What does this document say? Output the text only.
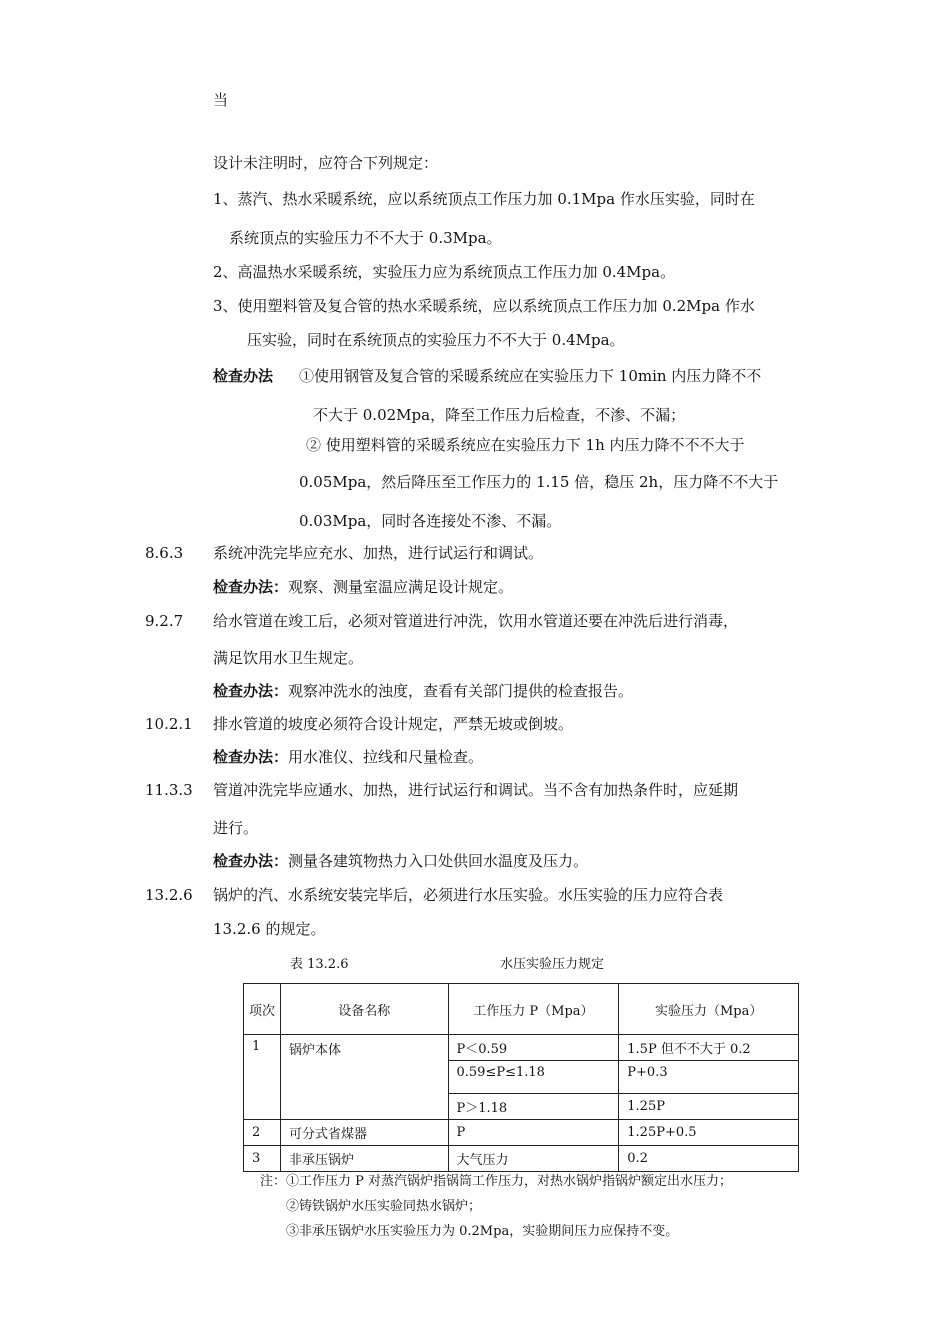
当
设计未注明时，应符合下列规定：
1、蒸汽、热水采暖系统，应以系统顶点工作压力加 0.1Mpa 作水压实验，同时在
系统顶点的实验压力不不大于 0.3Mpa。
2、高温热水采暖系统，实验压力应为系统顶点工作压力加 0.4Mpa。
3、使用塑料管及复合管的热水采暖系统，应以系统顶点工作压力加 0.2Mpa 作水
压实验，同时在系统顶点的实验压力不不大于 0.4Mpa。
检查办法 ①使用钢管及复合管的采暖系统应在实验压力下 10min 内压力降不不
不大于 0.02Mpa，降至工作压力后检查，不渗、不漏；
② 使用塑料管的采暖系统应在实验压力下 1h 内压力降不不不大于
0.05Mpa，然后降压至工作压力的 1.15 倍，稳压 2h，压力降不不大于
0.03Mpa，同时各连接处不渗、不漏。
8.6.3 系统冲洗完毕应充水、加热，进行试运行和调试。
检查办法：观察、测量室温应满足设计规定。
9.2.7 给水管道在竣工后，必须对管道进行冲洗，饮用水管道还要在冲洗后进行消毒，
满足饮用水卫生规定。
检查办法：观察冲洗水的浊度，查看有关部门提供的检查报告。
10.2.1 排水管道的坡度必须符合设计规定，严禁无坡或倒坡。
检查办法：用水准仪、拉线和尺量检查。
11.3.3 管道冲洗完毕应通水、加热，进行试运行和调试。当不含有加热条件时，应延期
进行。
检查办法：测量各建筑物热力入口处供回水温度及压力。
13.2.6 锅炉的汽、水系统安装完毕后，必须进行水压实验。水压实验的压力应符合表
13.2.6 的规定。
表 13.2.6	水压实验压力规定
项次	设备名称	工作压力 P（Mpa）	实验压力（Mpa）
1	锅炉本体	P＜0.59	1.5P 但不不大于 0.2
		0.59≤P≤1.18	P+0.3
		P＞1.18	1.25P
2	可分式省煤器	P	1.25P+0.5
3	非承压锅炉	大气压力	0.2
注：①工作压力 P 对蒸汽锅炉指锅筒工作压力，对热水锅炉指锅炉额定出水压力；
②铸铁锅炉水压实验同热水锅炉；
③非承压锅炉水压实验压力为 0.2Mpa，实验期间压力应保持不变。
